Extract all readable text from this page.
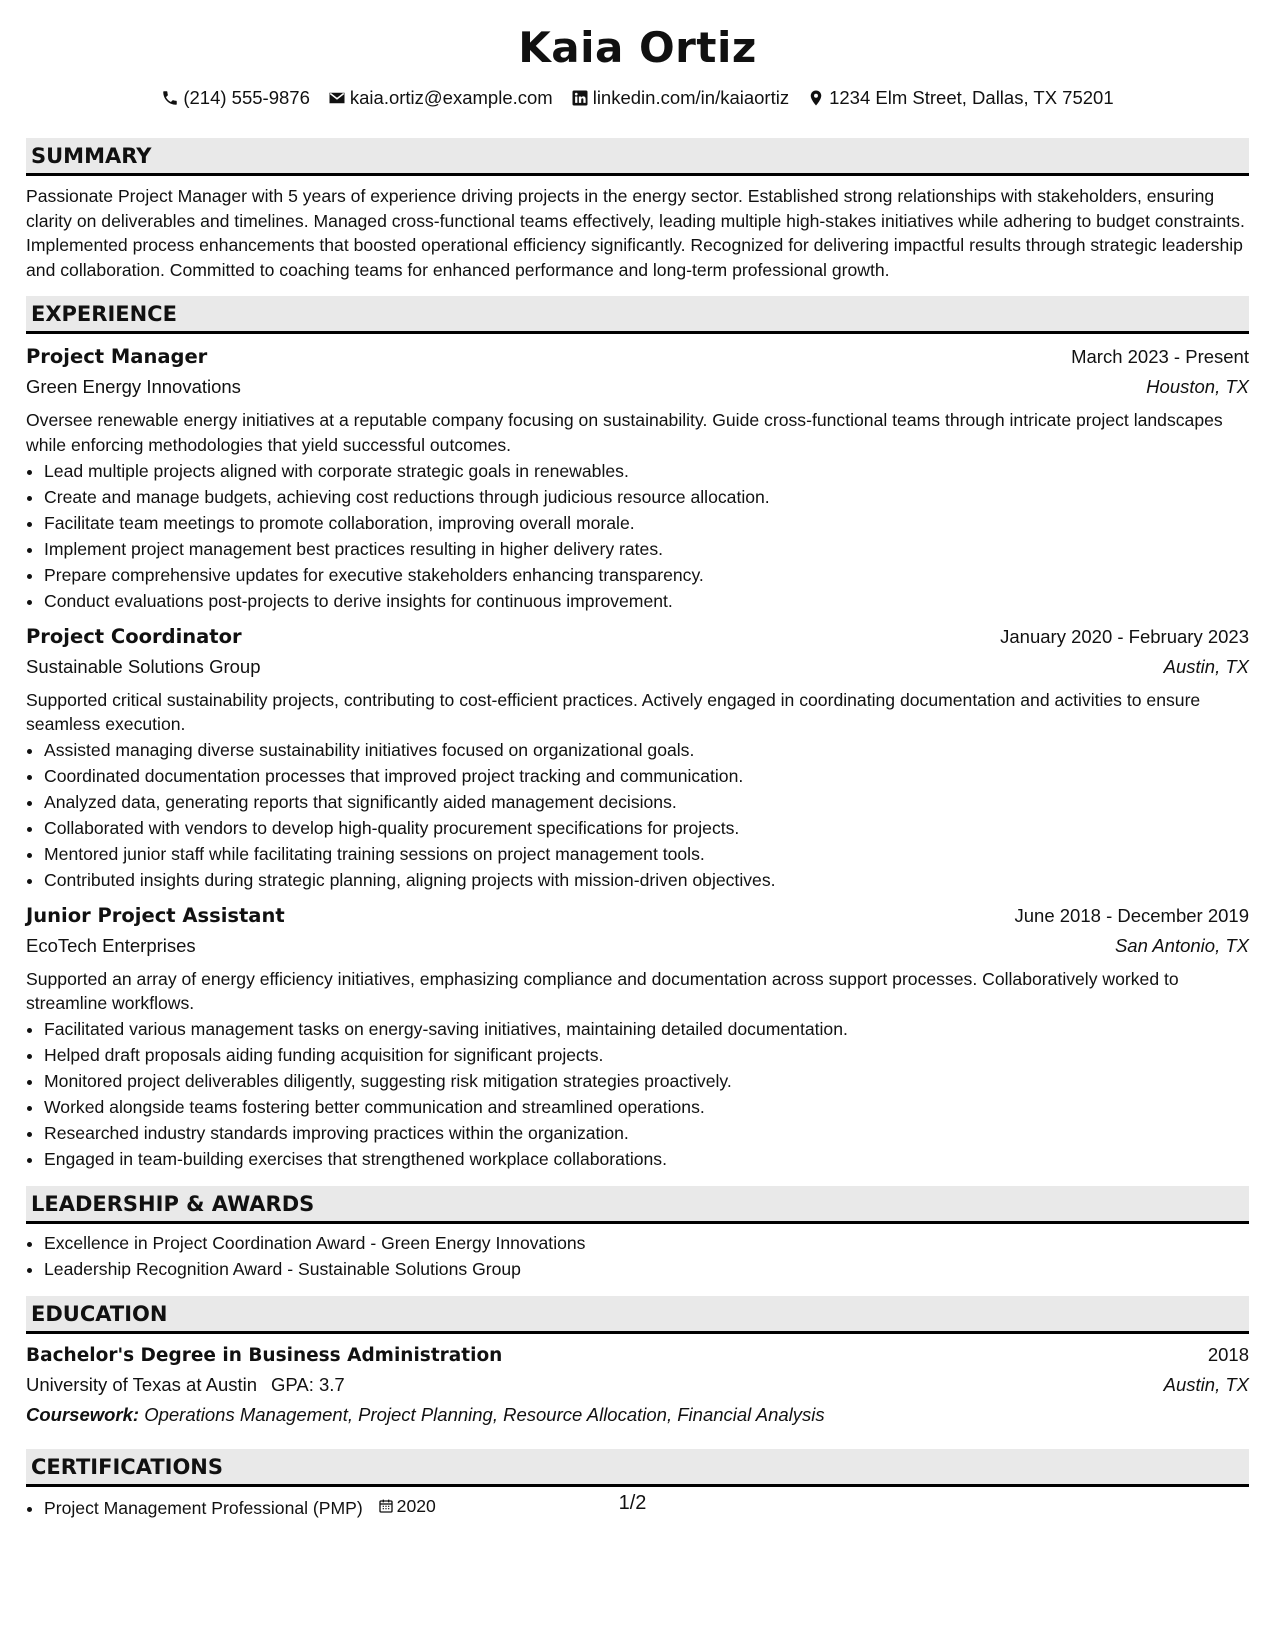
Kaia Ortiz
(214) 555-9876 kaia.ortiz@example.com linkedin.com/in/kaiaortiz 1234 Elm Street, Dallas, TX 75201
SUMMARY

Passionate Project Manager with 5 years of experience driving projects in the energy sector. Established strong relationships with stakeholders, ensuring clarity on deliverables and timelines. Managed cross-functional teams effectively, leading multiple high-stakes initiatives while adhering to budget constraints. Implemented process enhancements that boosted operational efficiency significantly. Recognized for delivering impactful results through strategic leadership and collaboration. Committed to coaching teams for enhanced performance and long-term professional growth.

EXPERIENCE
Project Manager	March 2023 - Present
Green Energy Innovations	Houston, TX
Oversee renewable energy initiatives at a reputable company focusing on sustainability. Guide cross-functional teams through intricate project landscapes while enforcing methodologies that yield successful outcomes.
• Lead multiple projects aligned with corporate strategic goals in renewables.
• Create and manage budgets, achieving cost reductions through judicious resource allocation.
• Facilitate team meetings to promote collaboration, improving overall morale.
• Implement project management best practices resulting in higher delivery rates.
• Prepare comprehensive updates for executive stakeholders enhancing transparency.
• Conduct evaluations post-projects to derive insights for continuous improvement.
Project Coordinator	January 2020 - February 2023
Sustainable Solutions Group	Austin, TX
Supported critical sustainability projects, contributing to cost-efficient practices. Actively engaged in coordinating documentation and activities to ensure seamless execution.
• Assisted managing diverse sustainability initiatives focused on organizational goals.
• Coordinated documentation processes that improved project tracking and communication.
• Analyzed data, generating reports that significantly aided management decisions.
• Collaborated with vendors to develop high-quality procurement specifications for projects.
• Mentored junior staff while facilitating training sessions on project management tools.
• Contributed insights during strategic planning, aligning projects with mission-driven objectives.
Junior Project Assistant	June 2018 - December 2019
EcoTech Enterprises	San Antonio, TX
Supported an array of energy efficiency initiatives, emphasizing compliance and documentation across support processes. Collaboratively worked to streamline workflows.
• Facilitated various management tasks on energy-saving initiatives, maintaining detailed documentation.
• Helped draft proposals aiding funding acquisition for significant projects.
• Monitored project deliverables diligently, suggesting risk mitigation strategies proactively.
• Worked alongside teams fostering better communication and streamlined operations.
• Researched industry standards improving practices within the organization.
• Engaged in team-building exercises that strengthened workplace collaborations.
LEADERSHIP & AWARDS
• Excellence in Project Coordination Award - Green Energy Innovations
• Leadership Recognition Award - Sustainable Solutions Group
EDUCATION
Bachelor's Degree in Business Administration	2018
University of Texas at Austin GPA: 3.7	Austin, TX
Coursework: Operations Management, Project Planning, Resource Allocation, Financial Analysis
CERTIFICATIONS
• Project Management Professional (PMP) 2020	1/2
